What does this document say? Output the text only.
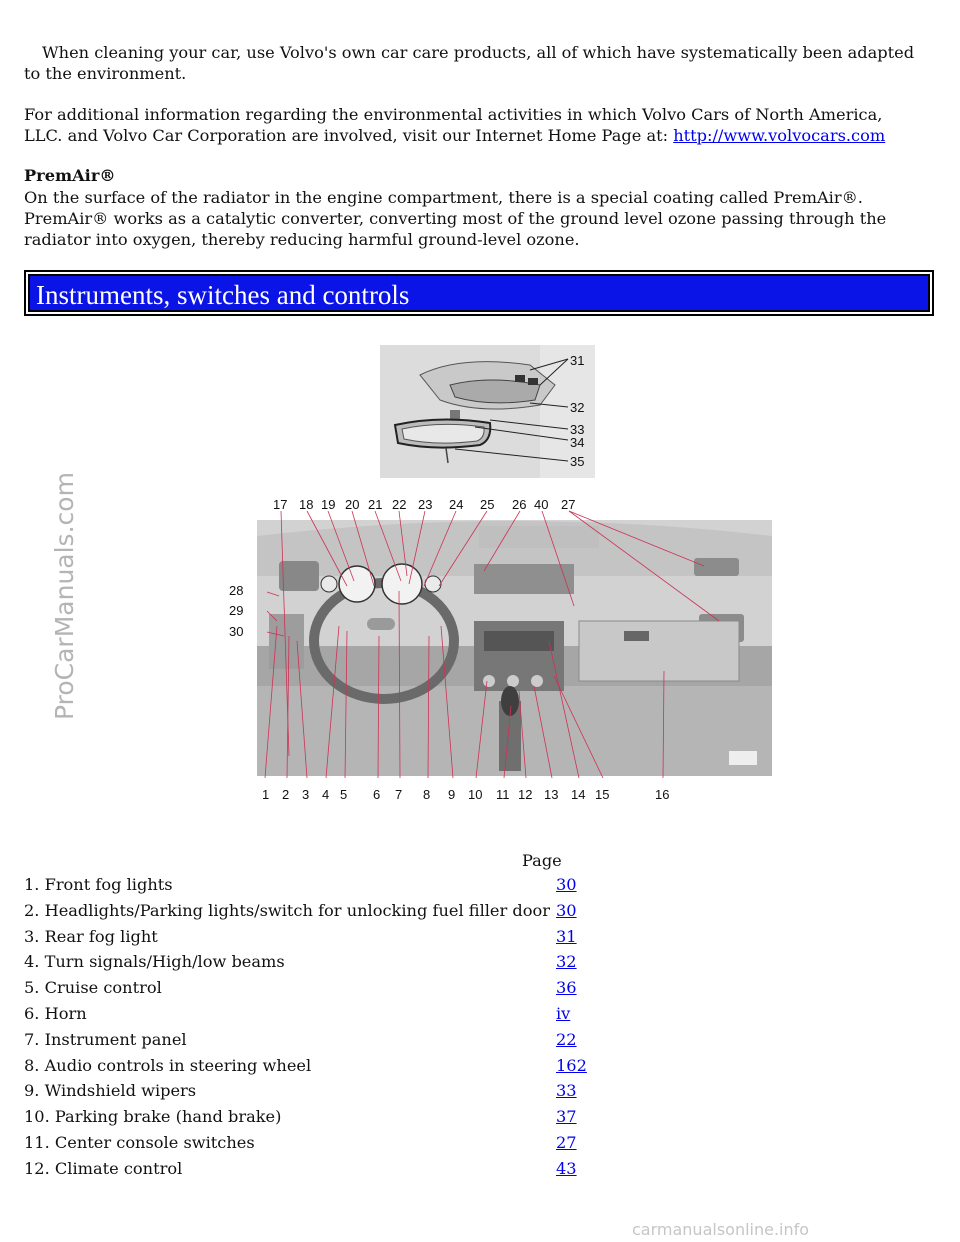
When cleaning your car, use Volvo's own car care products, all of which have systematically been adapted to the environment.

For additional information regarding the environmental activities in which Volvo Cars of North America, LLC. and Volvo Car Corporation are involved, visit our Internet Home Page at: http://www.volvocars.com

PremAir®

On the surface of the radiator in the engine compartment, there is a special coating called PremAir®. PremAir® works as a catalytic converter, converting most of the ground level ozone passing through the radiator into oxygen, thereby reducing harmful ground-level ozone.

Instruments, switches and controls
31
32
33
34
35
17 18 19 20 21 22 23 24 25 26 40 27
28
29
30
1 2 3 4 5 6 7 8 9 10 11 12 13 14 15	16
Page
1. Front fog lights	30
2. Headlights/Parking lights/switch for unlocking fuel filler door	30
3. Rear fog light	31
4. Turn signals/High/low beams	32
5. Cruise control	36
6. Horn	iv
7. Instrument panel	22
8. Audio controls in steering wheel	162
9. Windshield wipers	33
10. Parking brake (hand brake)	37
11. Center console switches	27
12. Climate control	43
ProCarManuals.com
carmanualsonline.info
